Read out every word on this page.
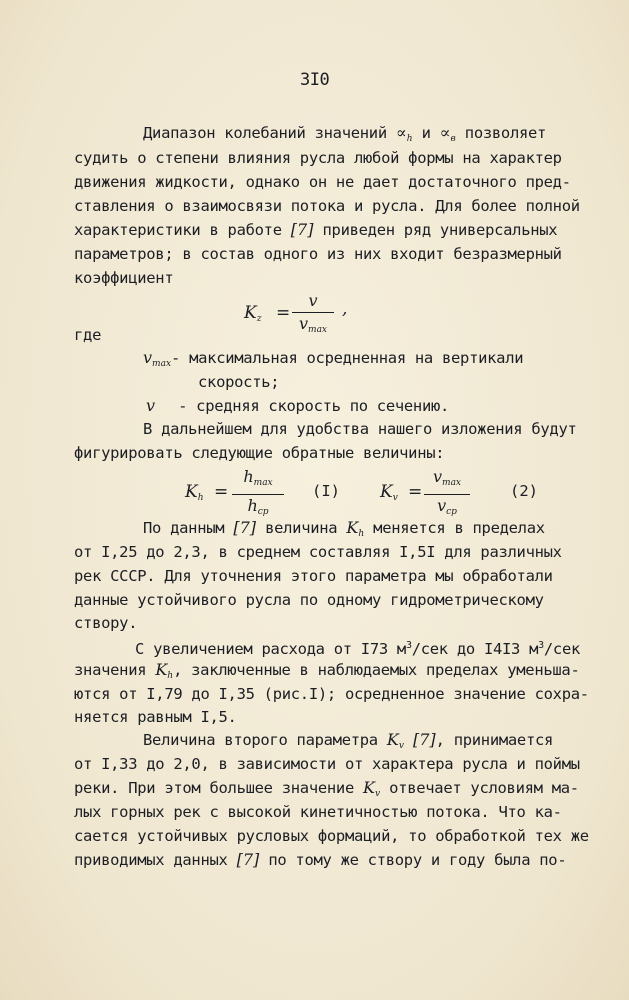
3I0
Диапазон колебаний значений $\propto_h$ $и \propto_в$ позволяет
судить о степени влияния русла любой формы на характер
движения жидкости, однако он не дает достаточного пред-
ставления о взаимосвязи потока и русла. Для более полной
характеристики в работе [7] приведен ряд универсальных
параметров; в состав одного из них входит безразмерный
коэффициент
$K_z$ =
v
$v_{max}$
,
где
$v_{max}-$ максимальная осредненная на вертикали
скорость;
v - средняя скорость по сечению.
В дальнейшем для удобства нашего изложения будут
фигурировать следующие обратные величины:
$K_h$ =
$h_{max}$
$h_{cp}$
(I) $K_v$ =
$v_{max}$
$v_{cp}$
(2)
По данным [7] величина $K_h$ меняется в пределах
от I,25 до 2,3, в среднем составляя I,5I для различных
рек СССР. Для уточнения этого параметра мы обработали
данные устойчивого русла по одному гидрометрическому
створу.
С увеличением расхода от I73 $м^3$/сек до I4I3 $м^3$/сек
значения $K_h$, заключенные в наблюдаемых пределах уменьша-
ются от I,79 до I,35 (рис.I); осредненное значение сохра-
няется равным I,5.
Величина второго параметра $K_v$ [7], принимается
от I,33 до 2,0, в зависимости от характера русла и поймы
реки. При этом большее значение $K_v$ отвечает условиям ма-
лых горных рек с высокой кинетичностью потока. Что ка-
сается устойчивых русловых формаций, то обработкой тех же
приводимых данных [7] по тому же створу и году была по-
